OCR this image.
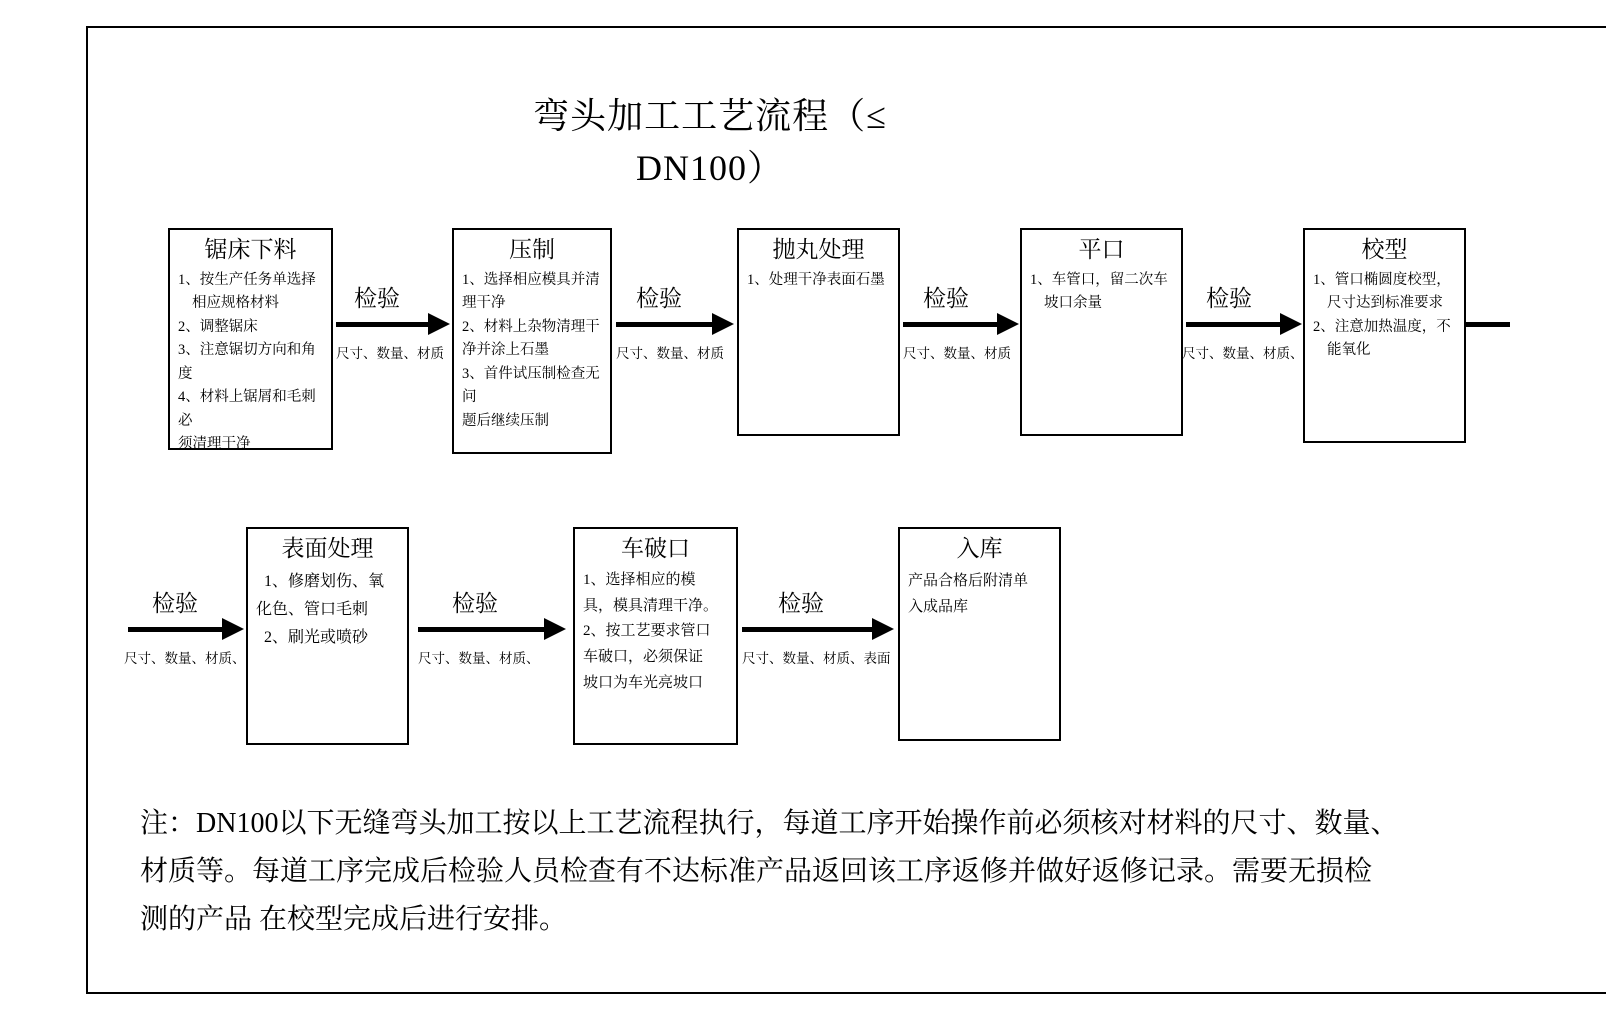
弯头加工工艺流程（≤
DN100）
锯床下料
1、按生产任务单选择
相应规格材料
2、调整锯床
3、注意锯切方向和角度
4、材料上锯屑和毛刺必
须清理干净
压制
1、选择相应模具并清
理干净
2、材料上杂物清理干
净并涂上石墨
3、首件试压制检查无问
题后继续压制
抛丸处理
1、处理干净表面石墨
平口
1、车管口，留二次车
坡口余量
校型
1、管口椭圆度校型，
尺寸达到标准要求
2、注意加热温度，不
能氧化
检验
尺寸、数量、材质
检验
尺寸、数量、材质
检验
尺寸、数量、材质
检验
尺寸、数量、材质、
表面处理
1、修磨划伤、氧
化色、管口毛刺
2、刷光或喷砂
车破口
1、选择相应的模
具，模具清理干净。
2、按工艺要求管口
车破口，必须保证
坡口为车光亮坡口
入库
产品合格后附清单
入成品库
检验
尺寸、数量、材质、
检验
尺寸、数量、材质、
检验
尺寸、数量、材质、表面
注：DN100以下无缝弯头加工按以上工艺流程执行，每道工序开始操作前必须核对材料的尺寸、数量、
材质等。每道工序完成后检验人员检查有不达标准产品返回该工序返修并做好返修记录。需要无损检
测的产品 在校型完成后进行安排。
